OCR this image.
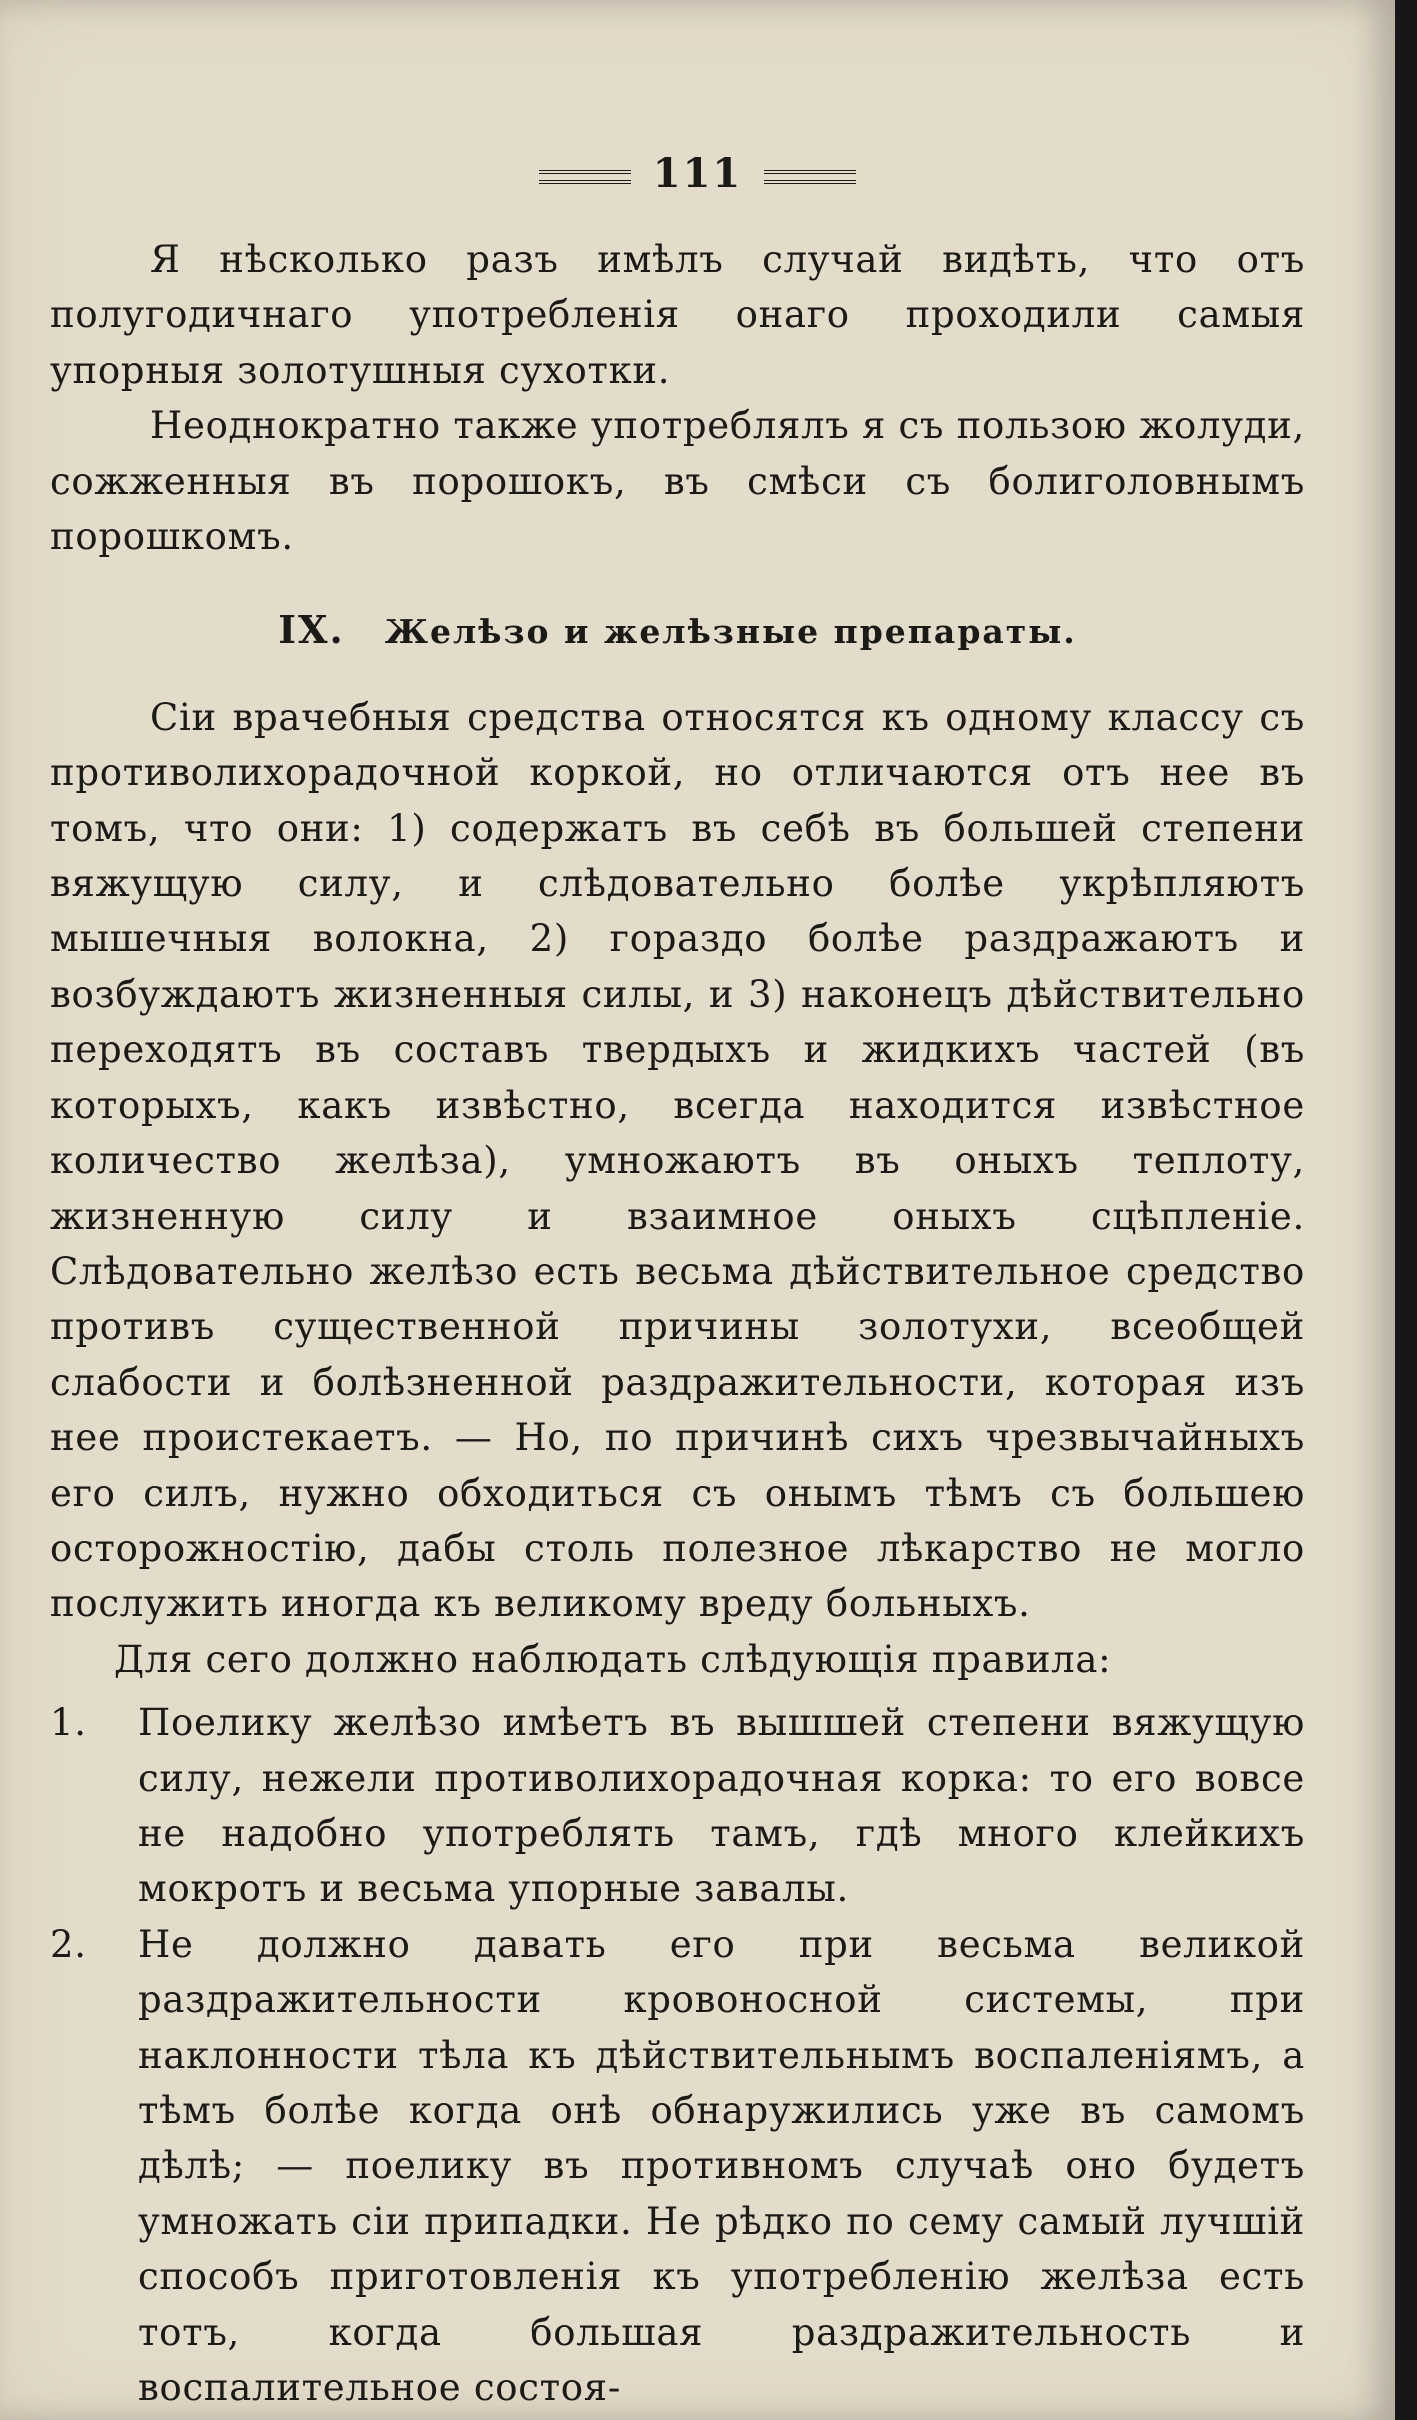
111

Я нѣсколько разъ имѣлъ случай видѣть, что отъ полугодичнаго употребленія онаго проходили самыя упорныя золотушныя сухотки.

Неоднократно также употреблялъ я съ пользою жолуди, сожженныя въ порошокъ, въ смѣси съ болиголовнымъ порошкомъ.

IX. Желѣзо и желѣзные препараты.

Сіи врачебныя средства относятся къ одному классу съ противолихорадочной коркой, но отличаются отъ нее въ томъ, что они: 1) содержатъ въ себѣ въ большей степени вяжущую силу, и слѣдовательно болѣе укрѣпляютъ мышечныя волокна, 2) гораздо болѣе раздражаютъ и возбуждаютъ жизненныя силы, и 3) наконецъ дѣйствительно переходятъ въ составъ твердыхъ и жидкихъ частей (въ которыхъ, какъ извѣстно, всегда находится извѣстное количество желѣза), умножаютъ въ оныхъ теплоту, жизненную силу и взаимное оныхъ сцѣпленіе. Слѣдовательно желѣзо есть весьма дѣйствительное средство противъ существенной причины золотухи, всеобщей слабости и болѣзненной раздражительности, которая изъ нее проистекаетъ. — Но, по причинѣ сихъ чрезвычайныхъ его силъ, нужно обходиться съ онымъ тѣмъ съ большею осторожностію, дабы столь полезное лѣкарство не могло послужить иногда къ великому вреду больныхъ.

Для сего должно наблюдать слѣдующія правила:

1.	Поелику желѣзо имѣетъ въ вышшей степени вяжущую силу, нежели противолихорадочная корка: то его вовсе не надобно употреблять тамъ, гдѣ много клейкихъ мокротъ и весьма упорные завалы.
2.	Не должно давать его при весьма великой раздражительности кровоносной системы, при наклонности тѣла къ дѣйствительнымъ воспаленіямъ, а тѣмъ болѣе когда онѣ обнаружились уже въ самомъ дѣлѣ; — поелику въ противномъ случаѣ оно будетъ умножать сіи припадки. Не рѣдко по сему самый лучшій способъ приготовленія къ употребленію желѣза есть тотъ, когда большая раздражительность и воспалительное состоя-
